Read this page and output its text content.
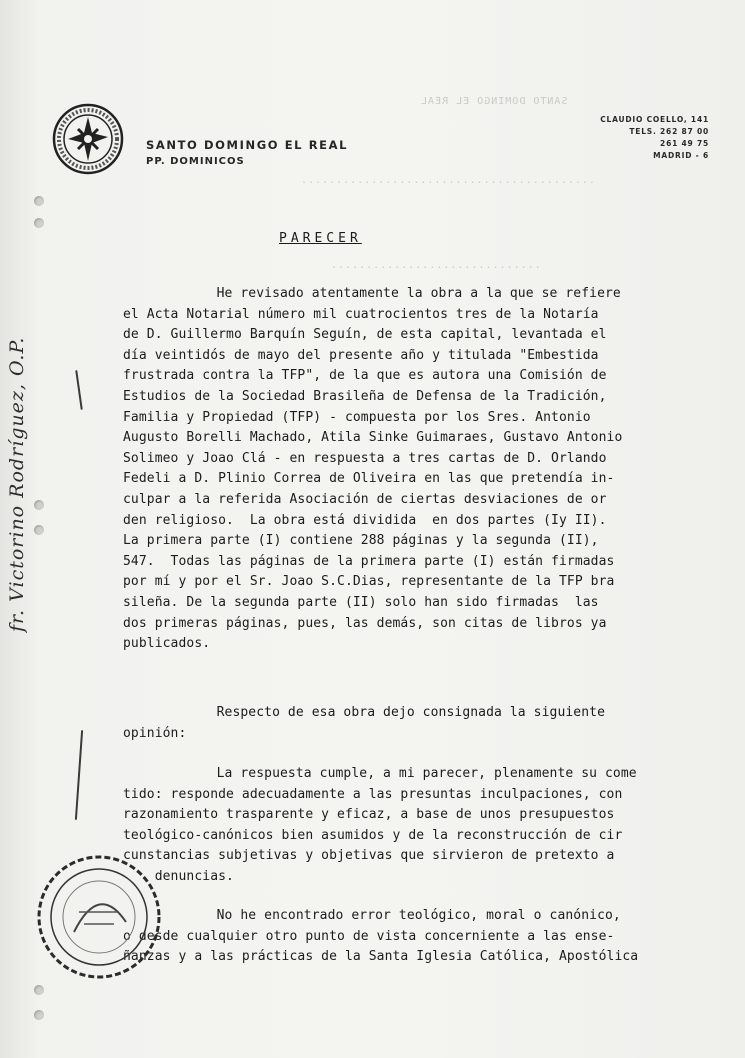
SANTO DOMINGO EL REAL
..........................................
..............................
SANTO DOMINGO EL REAL
PP. DOMINICOS
CLAUDIO COELLO, 141
TELS. 262 87 00
261 49 75
MADRID - 6
PARECER
He revisado atentamente la obra a la que se refiere
el Acta Notarial número mil cuatrocientos tres de la Notaría
de D. Guillermo Barquín Seguín, de esta capital, levantada el
día veintidós de mayo del presente año y titulada "Embestida
frustrada contra la TFP", de la que es autora una Comisión de
Estudios de la Sociedad Brasileña de Defensa de la Tradición,
Familia y Propiedad (TFP) - compuesta por los Sres. Antonio
Augusto Borelli Machado, Atila Sinke Guimaraes, Gustavo Antonio
Solimeo y Joao Clá - en respuesta a tres cartas de D. Orlando
Fedeli a D. Plinio Correa de Oliveira en las que pretendía in-
culpar a la referida Asociación de ciertas desviaciones de or
den religioso.  La obra está dividida  en dos partes (Iy II).
La primera parte (I) contiene 288 páginas y la segunda (II),
547.  Todas las páginas de la primera parte (I) están firmadas
por mí y por el Sr. Joao S.C.Dias, representante de la TFP bra
sileña. De la segunda parte (II) solo han sido firmadas  las
dos primeras páginas, pues, las demás, son citas de libros ya
publicados.
Respecto de esa obra dejo consignada la siguiente
opinión:
La respuesta cumple, a mi parecer, plenamente su come
tido: responde adecuadamente a las presuntas inculpaciones, con
razonamiento trasparente y eficaz, a base de unos presupuestos
teológico-canónicos bien asumidos y de la reconstrucción de cir
cunstancias subjetivas y objetivas que sirvieron de pretexto a
denuncias.
No he encontrado error teológico, moral o canónico,
o desde cualquier otro punto de vista concerniente a las ense-
ñanzas y a las prácticas de la Santa Iglesia Católica, Apostólica
fr. Victorino Rodríguez, O.P.
